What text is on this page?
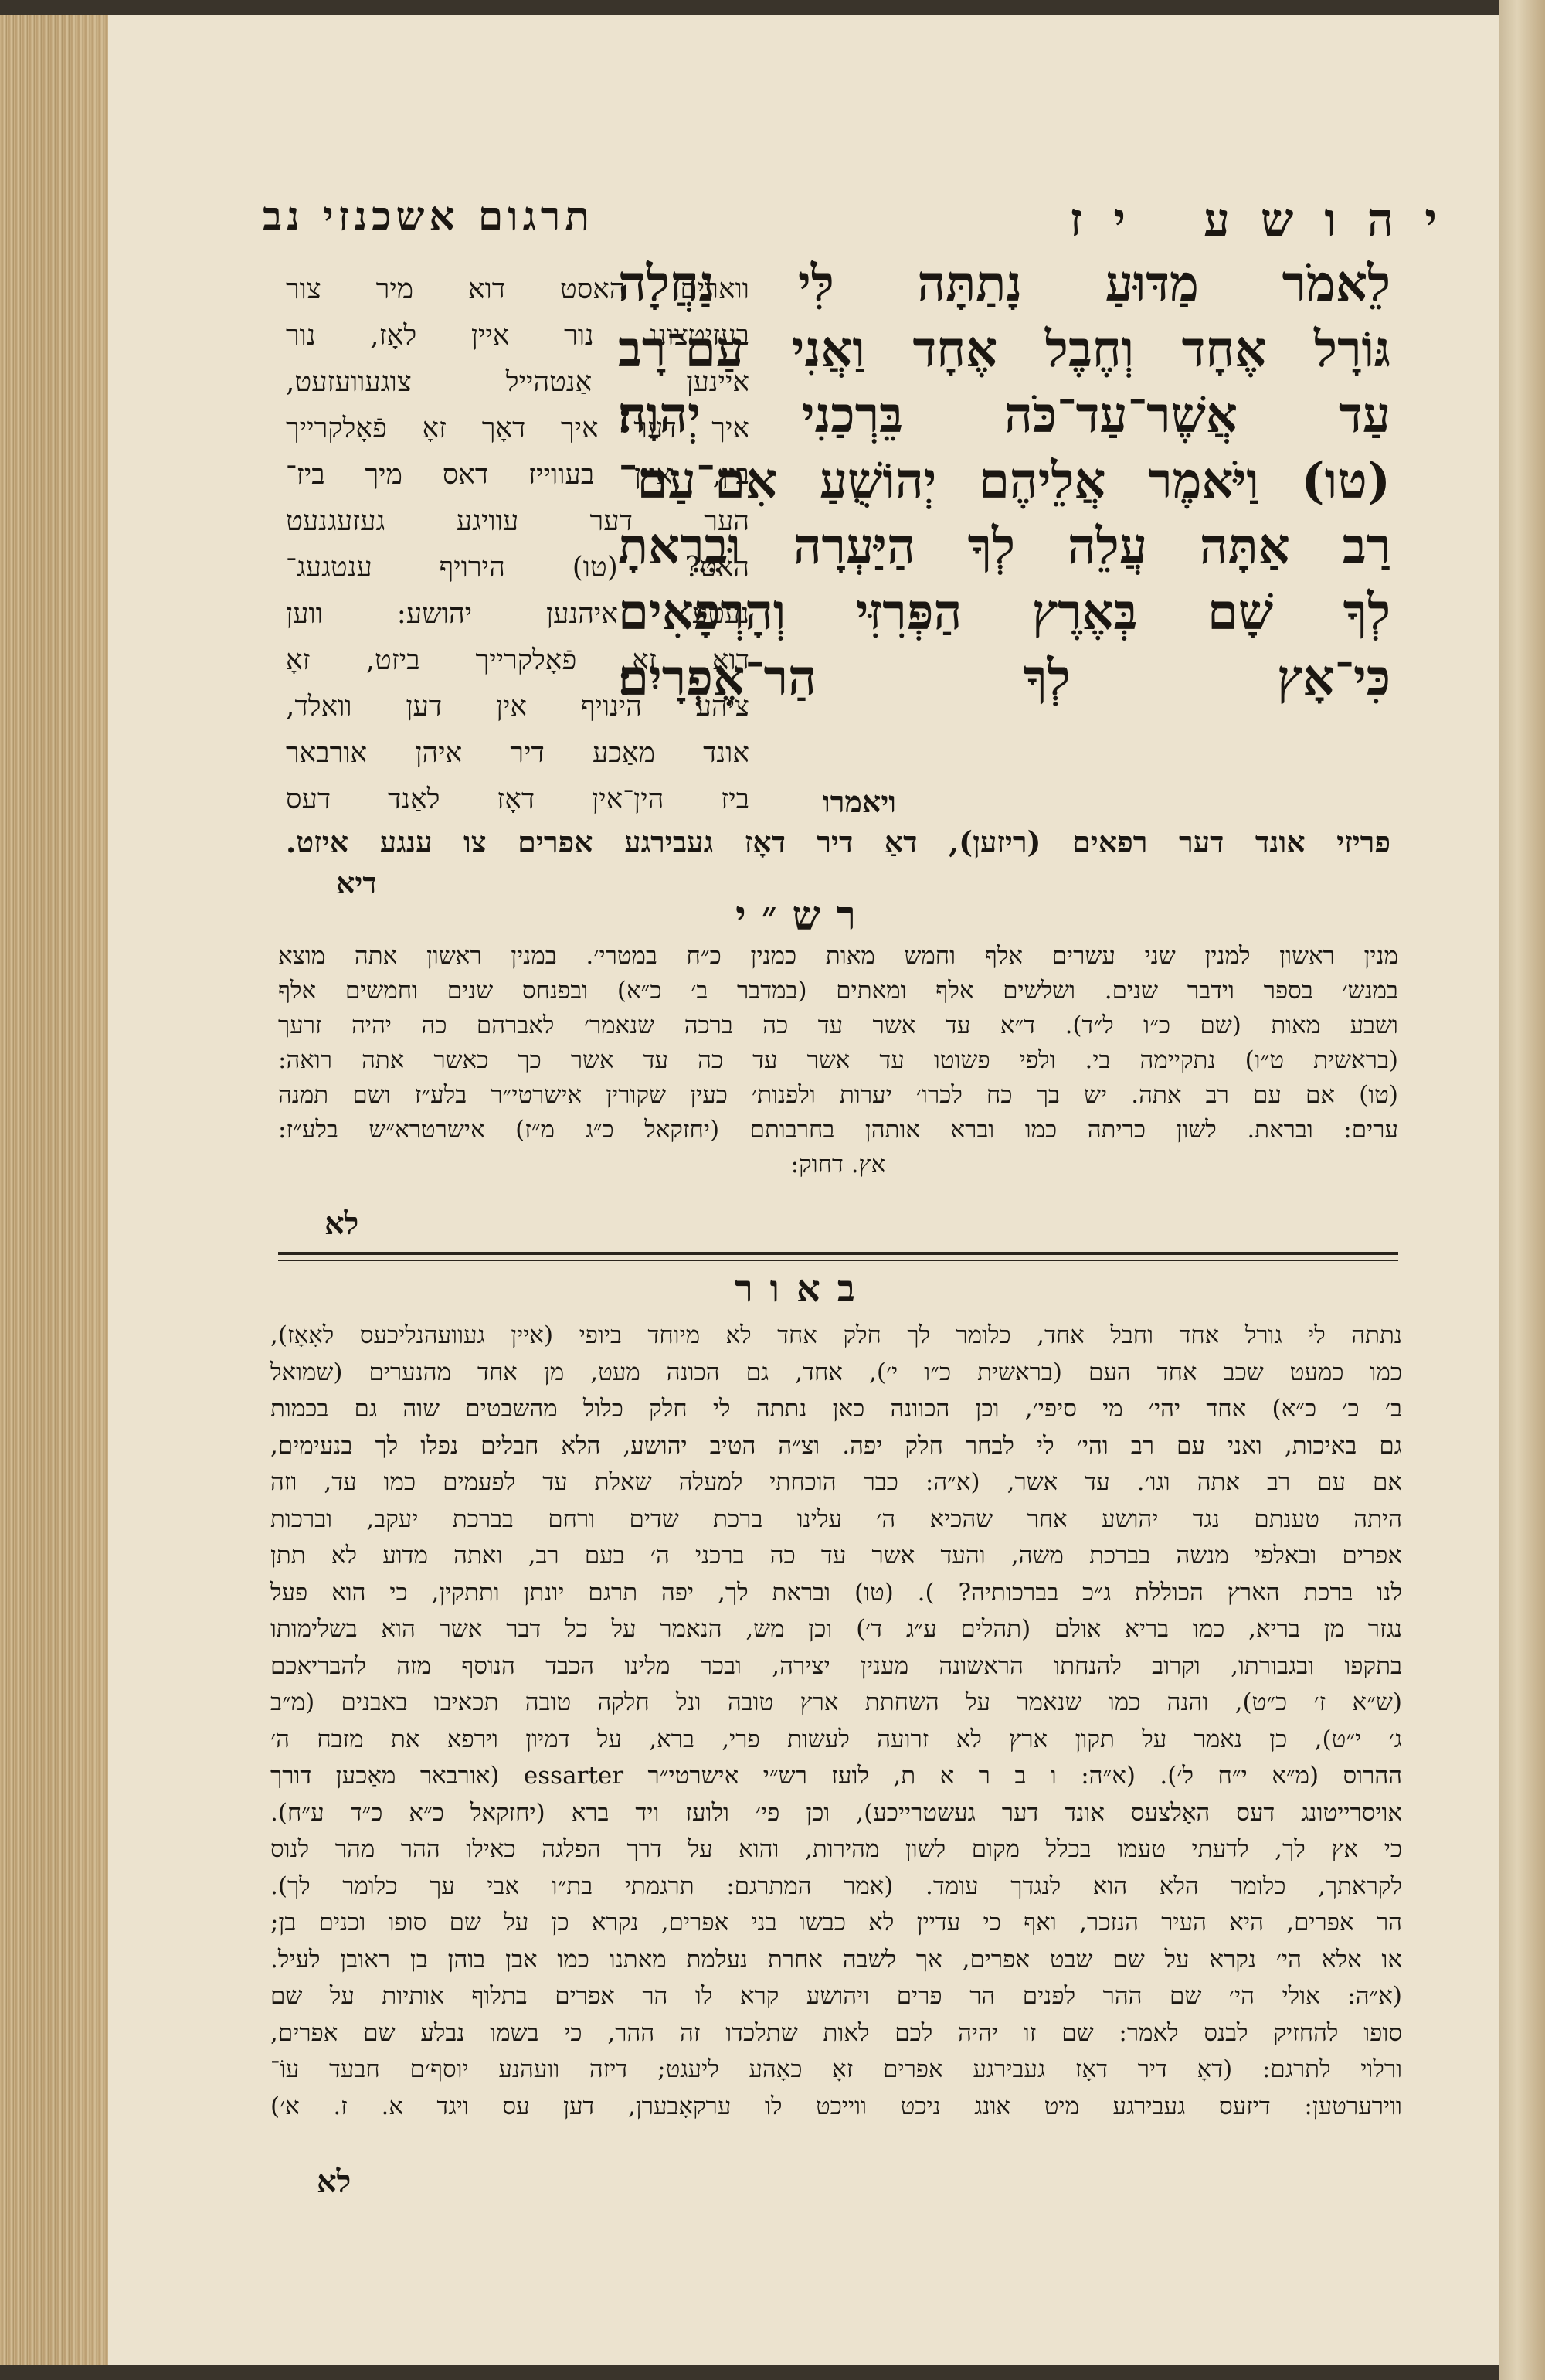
יהושע יז
תרגום אשכנזי נב
לֵאמֹר מַדּוּעַ נָתַתָּה לִּי נַחֲלָה
גּוֹרָל אֶחָד וְחֶבֶל אֶחָד וַאֲנִי עַם־רָב
עַד אֲשֶׁר־עַד־כֹּה בֵּרְכַנִי יְהוָה׃
(טו) וַיֹּאמֶר אֲלֵיהֶם יְהוֹשֻׁעַ אִם־עַם־
רַב אַתָּה עֲלֵה לְךָ הַיַּעְרָה וּבֵרֵאתָ
לְךָ שָׁם בְּאֶרֶץ הַפְּרִזִּי וְהָרְפָאִים
כִּי־אָץ לְךָ הַר־אֶפְרָיִם׃
ויאמרו
ווארים האסט דוא מיר צור
בעזיטצונג נור איין לאָז, נור
איינען אַנטהייל צוגעוועזעט,
איך דער איך דאָך זאָ פֿאָלקרייך
בין, איין בעווייז דאס מיך ביז־
הער דער עוויגע געזעגנעט
האט? (טו) הירויף ענטגעג־
נעטע איהנען יהושע: ווען
דוא זאָ פֿאָלקרייך ביזט, זאָ
ציהע הינויף אין דען וואלד,
אונד מאַכע דיר איהן אורבאר
ביז הין־אין דאָז לאַנד דעס
פריזי אונד דער רפאים (ריזען), דאַ דיר דאָז געבירגע אפרים צו ענגע איזט.
דיא
רש״י
מנין ראשון למנין שני עשרים אלף וחמש מאות כמנין כ״ח במטרי׳. במנין ראשון אתה מוצא
במנש׳ בספר וידבר שנים. ושלשים אלף ומאתים (במדבר ב׳ כ״א) ובפנחס שנים וחמשים אלף
ושבע מאות (שם כ״ו ל״ד). ד״א עד אשר עד כה ברכה שנאמר׳ לאברהם כה יהיה זרעך
(בראשית ט״ו) נתקיימה בי. ולפי פשוטו עד אשר עד כה עד אשר כך כאשר אתה רואה:
(טו) אם עם רב אתה. יש בך כח לכרו׳ יערות ולפנות׳ כעין שקורין אישרטי״ר בלע״ז ושם תמנה
ערים: ובראת. לשון כריתה כמו וברא אותהן בחרבותם (יחזקאל כ״ג מ״ז) אישרטרא״ש בלע״ז:
אץ. דחוק:
לא
באור
נתתה לי גורל אחד וחבל אחד, כלומר לך חלק אחד לא מיוחד ביופי (איין געוועהנליכעס לאָאָז),
כמו כמעט שכב אחד העם (בראשית כ״ו י׳), אחד, גם הכונה מעט, מן אחד מהנערים (שמואל
ב׳ כ׳ כ״א) אחד יהי׳ מי סיפי׳, וכן הכוונה כאן נתתה לי חלק כלול מהשבטים שוה גם בכמות
גם באיכות, ואני עם רב והי׳ לי לבחר חלק יפה. וצ״ה הטיב יהושע, הלא חבלים נפלו לך בנעימים,
אם עם רב אתה וגו׳. עד אשר, (א״ה: כבר הוכחתי למעלה שאלת עד לפעמים כמו עד, וזה
היתה טענתם נגד יהושע אחר שהכיא ה׳ עלינו ברכת שדים ורחם בברכת יעקב, וברכות
אפרים ובאלפי מנשה בברכת משה, והעד אשר עד כה ברכני ה׳ בעם רב, ואתה מדוע לא תתן
לנו ברכת הארץ הכוללת ג״כ בברכותיה? ). (טו) ובראת לך, יפה תרגם יונתן ותתקין, כי הוא פעל
נגזר מן בריא, כמו בריא אולם (תהלים ע״ג ד׳) וכן מש, הנאמר על כל דבר אשר הוא בשלימותו
בתקפו ובגבורתו, וקרוב להנחתו הראשונה מענין יצירה, ובכר מלינו הכבד הנוסף מזה להבריאכם
(ש״א ז׳ כ״ט), והנה כמו שנאמר על השחתת ארץ טובה ונל חלקה טובה תכאיבו באבנים (מ״ב
ג׳ י״ט), כן נאמר על תקון ארץ לא זרועה לעשות פרי, ברא, על דמיון וירפא את מזבח ה׳
ההרוס (מ״א י״ח ל׳). (א״ה: ו ב ר א ת, לועז רש״י אישרטי״ר essarter (אורבאר מאַכען דורך
אויסרייטונג דעס האָלצעס אונד דער געשטרייכע), וכן פי׳ ולועז ויד ברא (יחזקאל כ״א כ״ד ע״ח).
כי אץ לך, לדעתי טעמו בכלל מקום לשון מהירות, והוא על דרך הפלגה כאילו ההר מהר לנוס
לקראתך, כלומר הלא הוא לנגדך עומד. (אמר המתרגם: תרגמתי בת״ו אבי עך כלומר לך).
הר אפרים, היא העיר הנזכר, ואף כי עדיין לא כבשו בני אפרים, נקרא כן על שם סופו וכנים בן;
או אלא הי׳ נקרא על שם שבט אפרים, אך לשבה אחרת נעלמת מאתנו כמו אבן בוהן בן ראובן לעיל.
(א״ה: אולי הי׳ שם ההר לפנים הר פרים ויהושע קרא לו הר אפרים בתלוף אותיות על שם
סופו להחזיק לבנס לאמר: שם זו יהיה לכם לאות שתלכדו זה ההר, כי בשמו נבלע שם אפרים,
ורלוי לתרגם: (דאָ דיר דאָז געבירגע אפרים זאָ כאָהע ליעגט; דיזה וועהנע יוסף׳ם חבעד עוֹ־
ווירערטען: דיזעס געבירגע מיט אונג ניכט ווייכט לו ערקאָבערן, דען עס ויגד א. ז. א׳)
לא
